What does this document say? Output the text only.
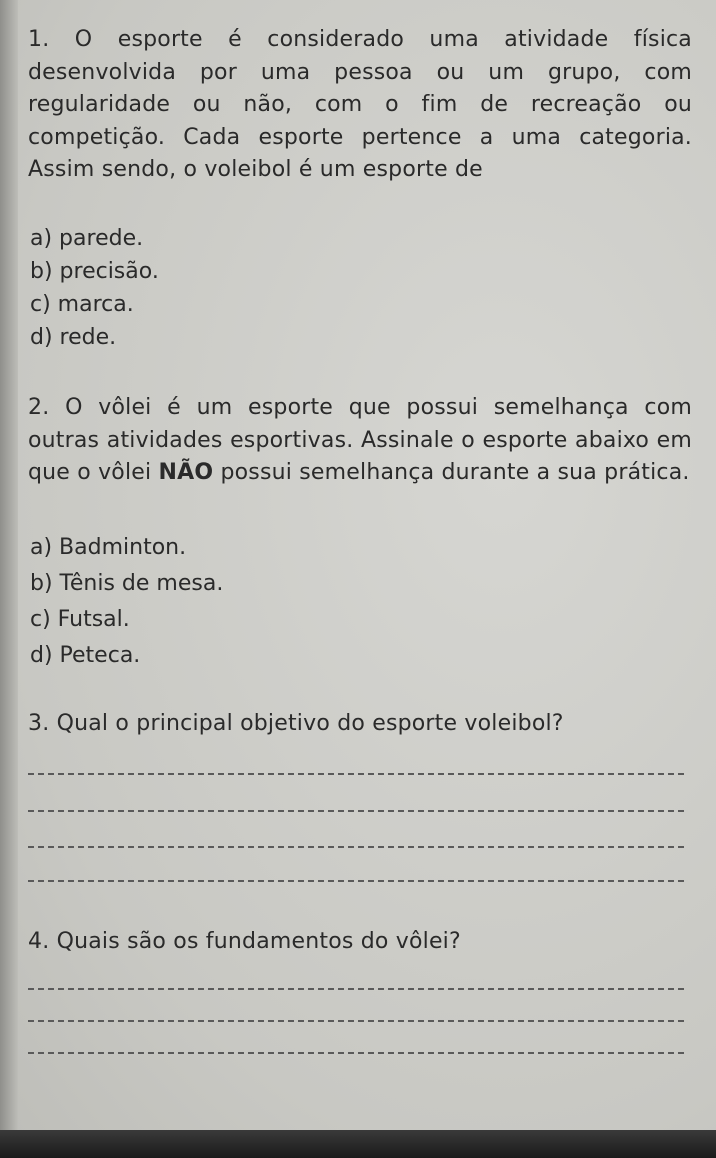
1. O esporte é considerado uma atividade física desenvolvida por uma pessoa ou um grupo, com regularidade ou não, com o fim de recreação ou competição. Cada esporte pertence a uma categoria. Assim sendo, o voleibol é um esporte de

a) parede.

b) precisão.

c) marca.

d) rede.

2. O vôlei é um esporte que possui semelhança com outras atividades esportivas. Assinale o esporte abaixo em que o vôlei NÃO possui semelhança durante a sua prática.

a) Badminton.

b) Tênis de mesa.

c) Futsal.

d) Peteca.

3. Qual o principal objetivo do esporte voleibol?

4. Quais são os fundamentos do vôlei?
